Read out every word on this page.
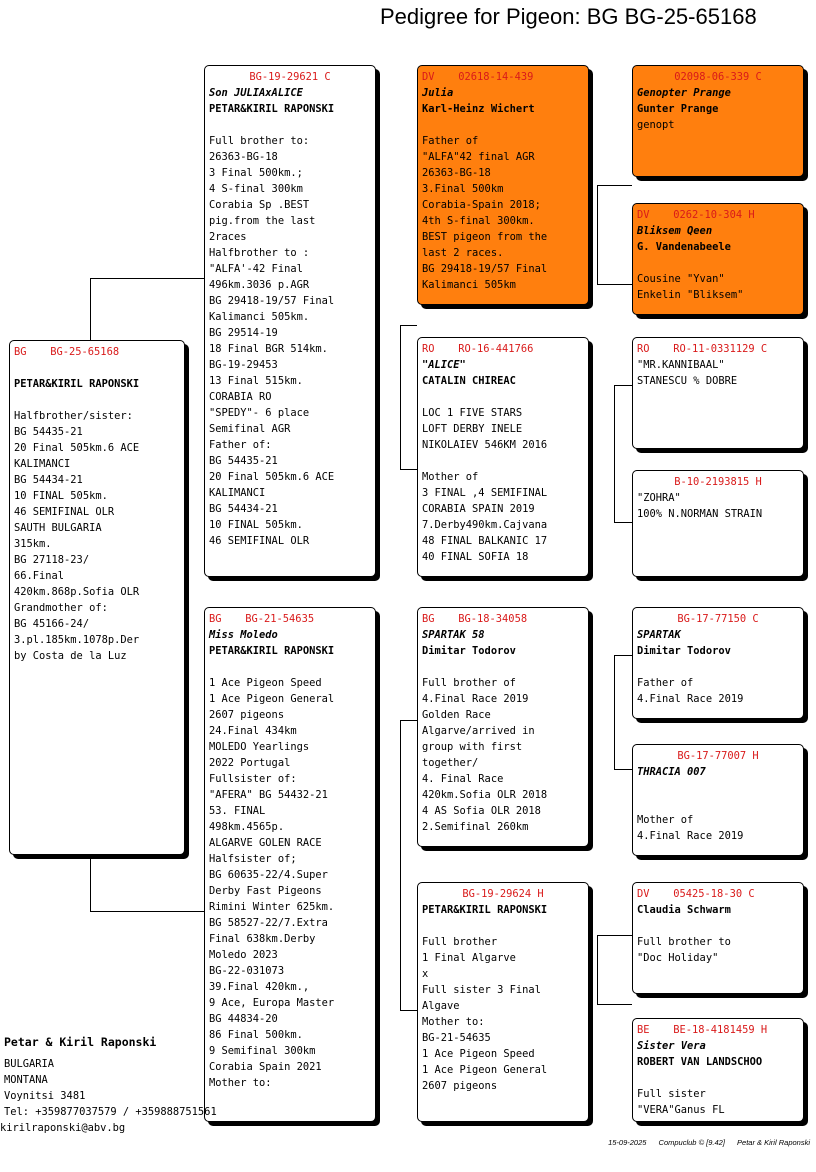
Pedigree for Pigeon: BG BG-25-65168
BG BG-25-65168
PETAR&KIRIL RAPONSKI
Halfbrother/sister:
BG 54435-21
20 Final 505km.6 ACE
KALIMANCI
BG 54434-21
10 FINAL 505km.
46 SEMIFINAL OLR
SAUTH BULGARIA
315km.
BG 27118-23/
66.Final
420km.868p.Sofia OLR
Grandmother of:
BG 45166-24/
3.pl.185km.1078p.Der
by Costa de la Luz
BG-19-29621 C
Son JULIAxALICE
PETAR&KIRIL RAPONSKI
Full brother to:
26363-BG-18
3 Final 500km.;
4 S-final 300km
Corabia Sp .BEST
pig.from the last
2races
Halfbrother to :
"ALFA'-42 Final
496km.3036 p.AGR
BG 29418-19/57 Final
Kalimanci 505km.
BG 29514-19
18 Final BGR 514km.
BG-19-29453
13 Final 515km.
CORABIA RO
"SPEDY"- 6 place
Semifinal AGR
Father of:
BG 54435-21
20 Final 505km.6 ACE
KALIMANCI
BG 54434-21
10 FINAL 505km.
46 SEMIFINAL OLR
BG BG-21-54635
Miss Moledo
PETAR&KIRIL RAPONSKI
1 Ace Pigeon Speed
1 Ace Pigeon General
2607 pigeons
24.Final 434km
MOLEDO Yearlings
2022 Portugal
Fullsister of:
"AFERA" BG 54432-21
53. FINAL
498km.4565p.
ALGARVE GOLEN RACE
Halfsister of;
BG 60635-22/4.Super
Derby Fast Pigeons
Rimini Winter 625km.
BG 58527-22/7.Extra
Final 638km.Derby
Moledo 2023
BG-22-031073
39.Final 420km.,
9 Ace, Europa Master
BG 44834-20
86 Final 500km.
9 Semifinal 300km
Corabia Spain 2021
Mother to:
DV 02618-14-439
Julia
Karl-Heinz Wichert
Father of
"ALFA"42 final AGR
26363-BG-18
3.Final 500km
Corabia-Spain 2018;
4th S-final 300km.
BEST pigeon from the
last 2 races.
BG 29418-19/57 Final
Kalimanci 505km
RO RO-16-441766
"ALICE"
CATALIN CHIREAC
LOC 1 FIVE STARS
LOFT DERBY INELE
NIKOLAIEV 546KM 2016
Mother of
3 FINAL ,4 SEMIFINAL
CORABIA SPAIN 2019
7.Derby490km.Cajvana
48 FINAL BALKANIC 17
40 FINAL SOFIA 18
BG BG-18-34058
SPARTAK 58
Dimitar Todorov
Full brother of
4.Final Race 2019
Golden Race
Algarve/arrived in
group with first
together/
4. Final Race
420km.Sofia OLR 2018
4 AS Sofia OLR 2018
2.Semifinal 260km
BG-19-29624 H
PETAR&KIRIL RAPONSKI
Full brother
1 Final Algarve
x
Full sister 3 Final
Algave
Mother to:
BG-21-54635
1 Ace Pigeon Speed
1 Ace Pigeon General
2607 pigeons
02098-06-339 C
Genopter Prange
Gunter Prange
genopt
DV 0262-10-304 H
Bliksem Qeen
G. Vandenabeele
Cousine "Yvan"
Enkelin "Bliksem"
RO RO-11-0331129 C
"MR.KANNIBAAL"
STANESCU % DOBRE
B-10-2193815 H
"ZOHRA"
100% N.NORMAN STRAIN
BG-17-77150 C
SPARTAK
Dimitar Todorov
Father of
4.Final Race 2019
BG-17-77007 H
THRACIA 007
Mother of
4.Final Race 2019
DV 05425-18-30 C
Claudia Schwarm
Full brother to
"Doc Holiday"
BE BE-18-4181459 H
Sister Vera
ROBERT VAN LANDSCHOO
Full sister
"VERA"Ganus FL
Petar & Kiril Raponski
BULGARIA
MONTANA
Voynitsi 3481
Tel: +359877037579 / +359888751561
kirilraponski@abv.bg
15-09-2025 Compuclub © [9.42] Petar & Kiril Raponski
